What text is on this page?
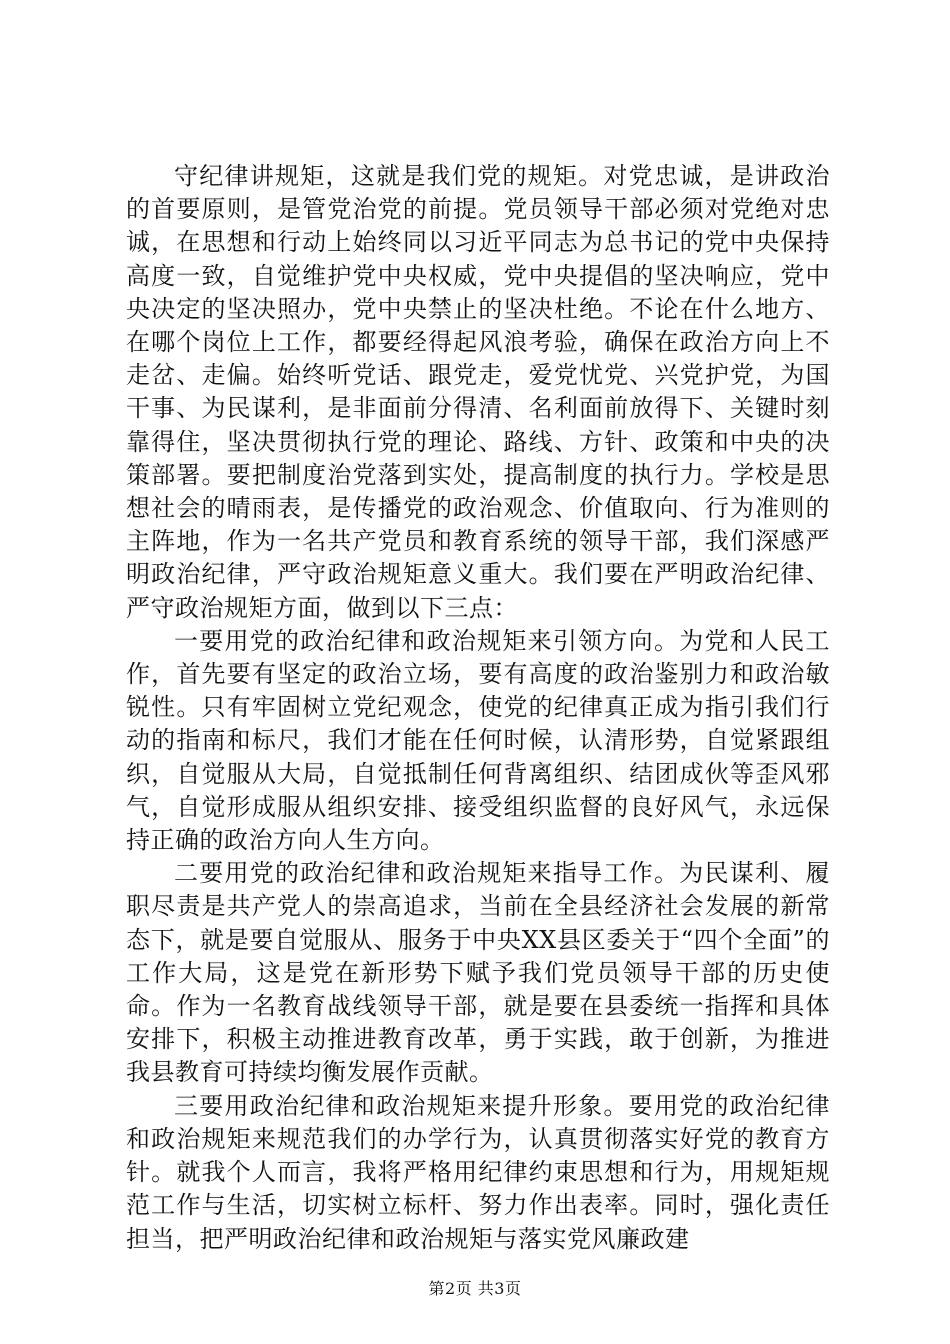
守纪律讲规矩，这就是我们党的规矩。对党忠诚，是讲政治的首要原则，是管党治党的前提。党员领导干部必须对党绝对忠诚，在思想和行动上始终同以习近平同志为总书记的党中央保持高度一致，自觉维护党中央权威，党中央提倡的坚决响应，党中央决定的坚决照办，党中央禁止的坚决杜绝。不论在什么地方、在哪个岗位上工作，都要经得起风浪考验，确保在政治方向上不走岔、走偏。始终听党话、跟党走，爱党忧党、兴党护党，为国干事、为民谋利，是非面前分得清、名利面前放得下、关键时刻靠得住，坚决贯彻执行党的理论、路线、方针、政策和中央的决策部署。要把制度治党落到实处，提高制度的执行力。学校是思想社会的晴雨表，是传播党的政治观念、价值取向、行为准则的主阵地，作为一名共产党员和教育系统的领导干部，我们深感严明政治纪律，严守政治规矩意义重大。我们要在严明政治纪律、严守政治规矩方面，做到以下三点：

一要用党的政治纪律和政治规矩来引领方向。为党和人民工作，首先要有坚定的政治立场，要有高度的政治鉴别力和政治敏锐性。只有牢固树立党纪观念，使党的纪律真正成为指引我们行动的指南和标尺，我们才能在任何时候，认清形势，自觉紧跟组织，自觉服从大局，自觉抵制任何背离组织、结团成伙等歪风邪气，自觉形成服从组织安排、接受组织监督的良好风气，永远保持正确的政治方向人生方向。

二要用党的政治纪律和政治规矩来指导工作。为民谋利、履职尽责是共产党人的崇高追求，当前在全县经济社会发展的新常态下，就是要自觉服从、服务于中央XX县区委关于“四个全面”的工作大局，这是党在新形势下赋予我们党员领导干部的历史使命。作为一名教育战线领导干部，就是要在县委统一指挥和具体安排下，积极主动推进教育改革，勇于实践，敢于创新，为推进我县教育可持续均衡发展作贡献。

三要用政治纪律和政治规矩来提升形象。要用党的政治纪律和政治规矩来规范我们的办学行为，认真贯彻落实好党的教育方针。就我个人而言，我将严格用纪律约束思想和行为，用规矩规范工作与生活，切实树立标杆、努力作出表率。同时，强化责任担当，把严明政治纪律和政治规矩与落实党风廉政建

第2页 共3页
